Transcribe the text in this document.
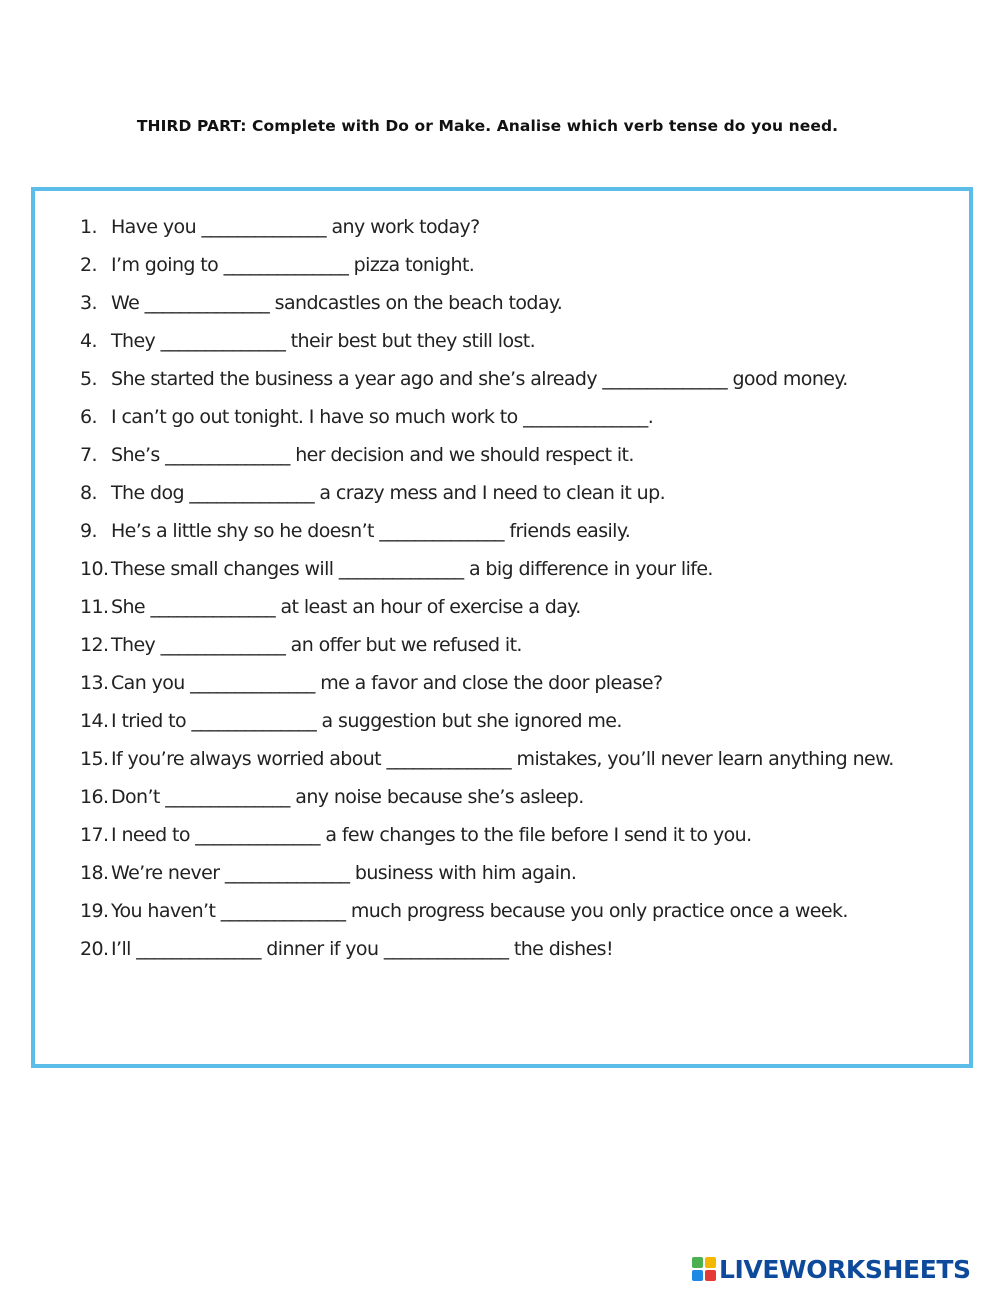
THIRD PART: Complete with Do or Make. Analise which verb tense do you need.
1. Have you ______________ any work today?
2. I’m going to ______________ pizza tonight.
3. We ______________ sandcastles on the beach today.
4. They ______________ their best but they still lost.
5. She started the business a year ago and she’s already ______________ good money.
6. I can’t go out tonight. I have so much work to ______________.
7. She’s ______________ her decision and we should respect it.
8. The dog ______________ a crazy mess and I need to clean it up.
9. He’s a little shy so he doesn’t ______________ friends easily.
10. These small changes will ______________ a big difference in your life.
11. She ______________ at least an hour of exercise a day.
12. They ______________ an offer but we refused it.
13. Can you ______________ me a favor and close the door please?
14. I tried to ______________ a suggestion but she ignored me.
15. If you’re always worried about ______________ mistakes, you’ll never learn anything new.
16. Don’t ______________ any noise because she’s asleep.
17. I need to ______________ a few changes to the file before I send it to you.
18. We’re never ______________ business with him again.
19. You haven’t ______________ much progress because you only practice once a week.
20. I’ll ______________ dinner if you ______________ the dishes!
LIVEWORKSHEETS
